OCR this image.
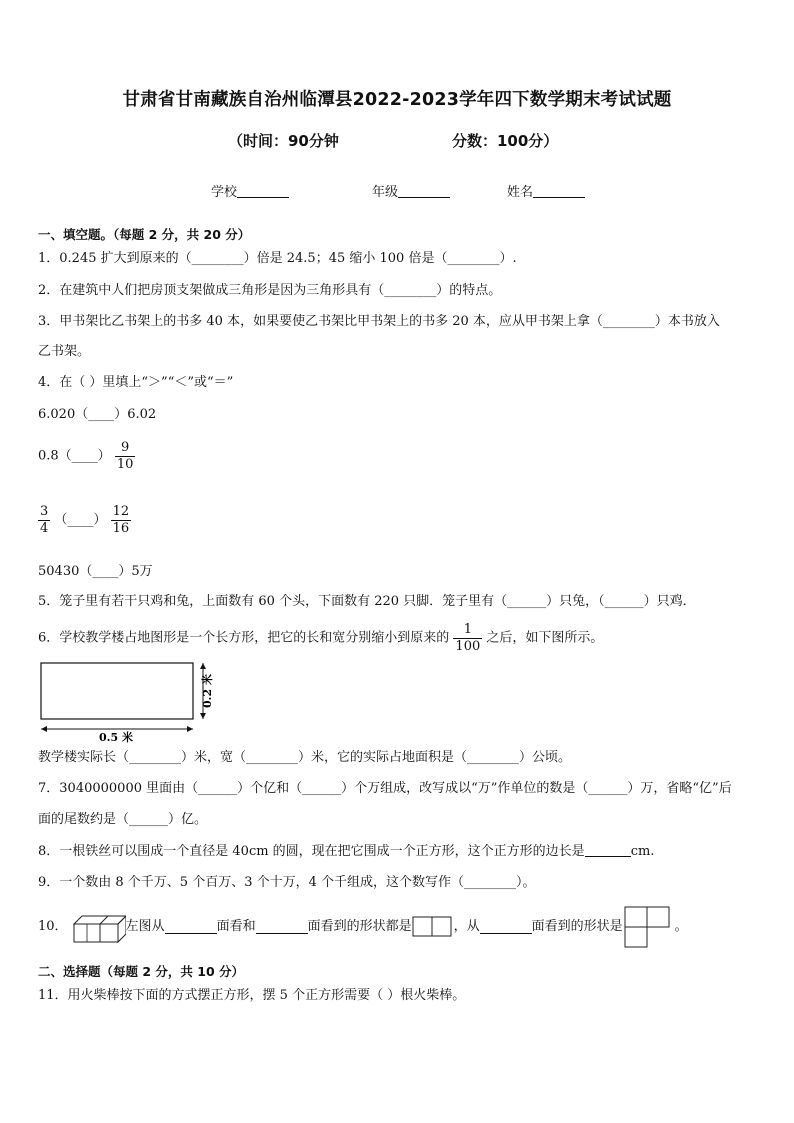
甘肃省甘南藏族自治州临潭县2022-2023学年四下数学期末考试试题
（时间：90分钟	分数：100分）
学校	年级	姓名
一、填空题。（每题 2 分，共 20 分）
1．0.245 扩大到原来的（________）倍是 24.5；45 缩小 100 倍是（________）.
2．在建筑中人们把房顶支架做成三角形是因为三角形具有（________）的特点。
3．甲书架比乙书架上的书多 40 本，如果要使乙书架比甲书架上的书多 20 本，应从甲书架上拿（________）本书放入
乙书架。
4．在（ ）里填上“＞”“＜”或“＝”
6.020（____）6.02
0.8（____） $\frac{9}{10}$
$\frac{3}{4}$ （____） $\frac{12}{16}$
50430（____）5万
5．笼子里有若干只鸡和兔，上面数有 60 个头，下面数有 220 只脚．笼子里有（______）只兔，（______）只鸡．
6．学校教学楼占地图形是一个长方形，把它的长和宽分别缩小到原来的 $\frac{1}{100}$ 之后，如下图所示。
0.5 米
0.2 米
教学楼实际长（________）米，宽（________）米，它的实际占地面积是（________）公顷。
7．3040000000 里面由（______）个亿和（______）个万组成，改写成以“万”作单位的数是（______）万，省略“亿”后
面的尾数约是（______）亿。
8．一根铁丝可以围成一个直径是 40cm 的圆，现在把它围成一个正方形，这个正方形的边长是	cm.
9．一个数由 8 个千万、5 个百万、3 个十万，4 个千组成，这个数写作（________）。
10．	左图从	面看和	面看到的形状都是	，从	面看到的形状是	。
二、选择题（每题 2 分，共 10 分）
11．用火柴棒按下面的方式摆正方形，摆 5 个正方形需要（ ）根火柴棒。
